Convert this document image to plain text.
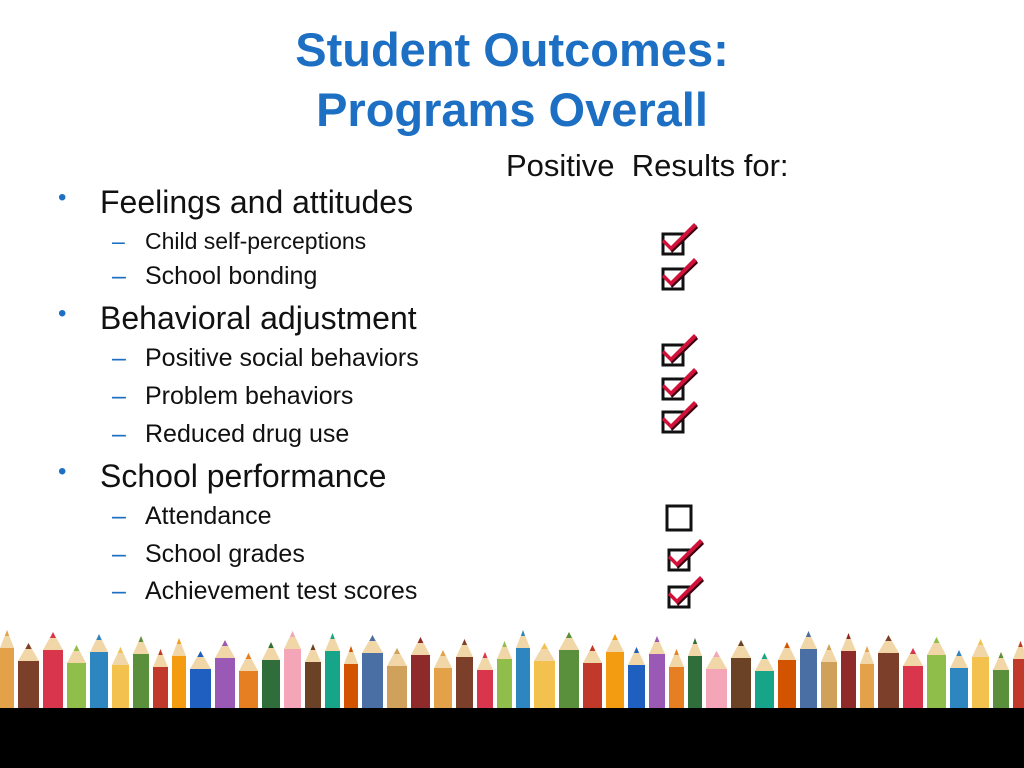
Student Outcomes:
Programs Overall
Positive  Results for:
• Feelings and attitudes
– Child self-perceptions
– School bonding
• Behavioral adjustment
– Positive social behaviors
– Problem behaviors
– Reduced drug use
• School performance
– Attendance
– School grades
– Achievement test scores
